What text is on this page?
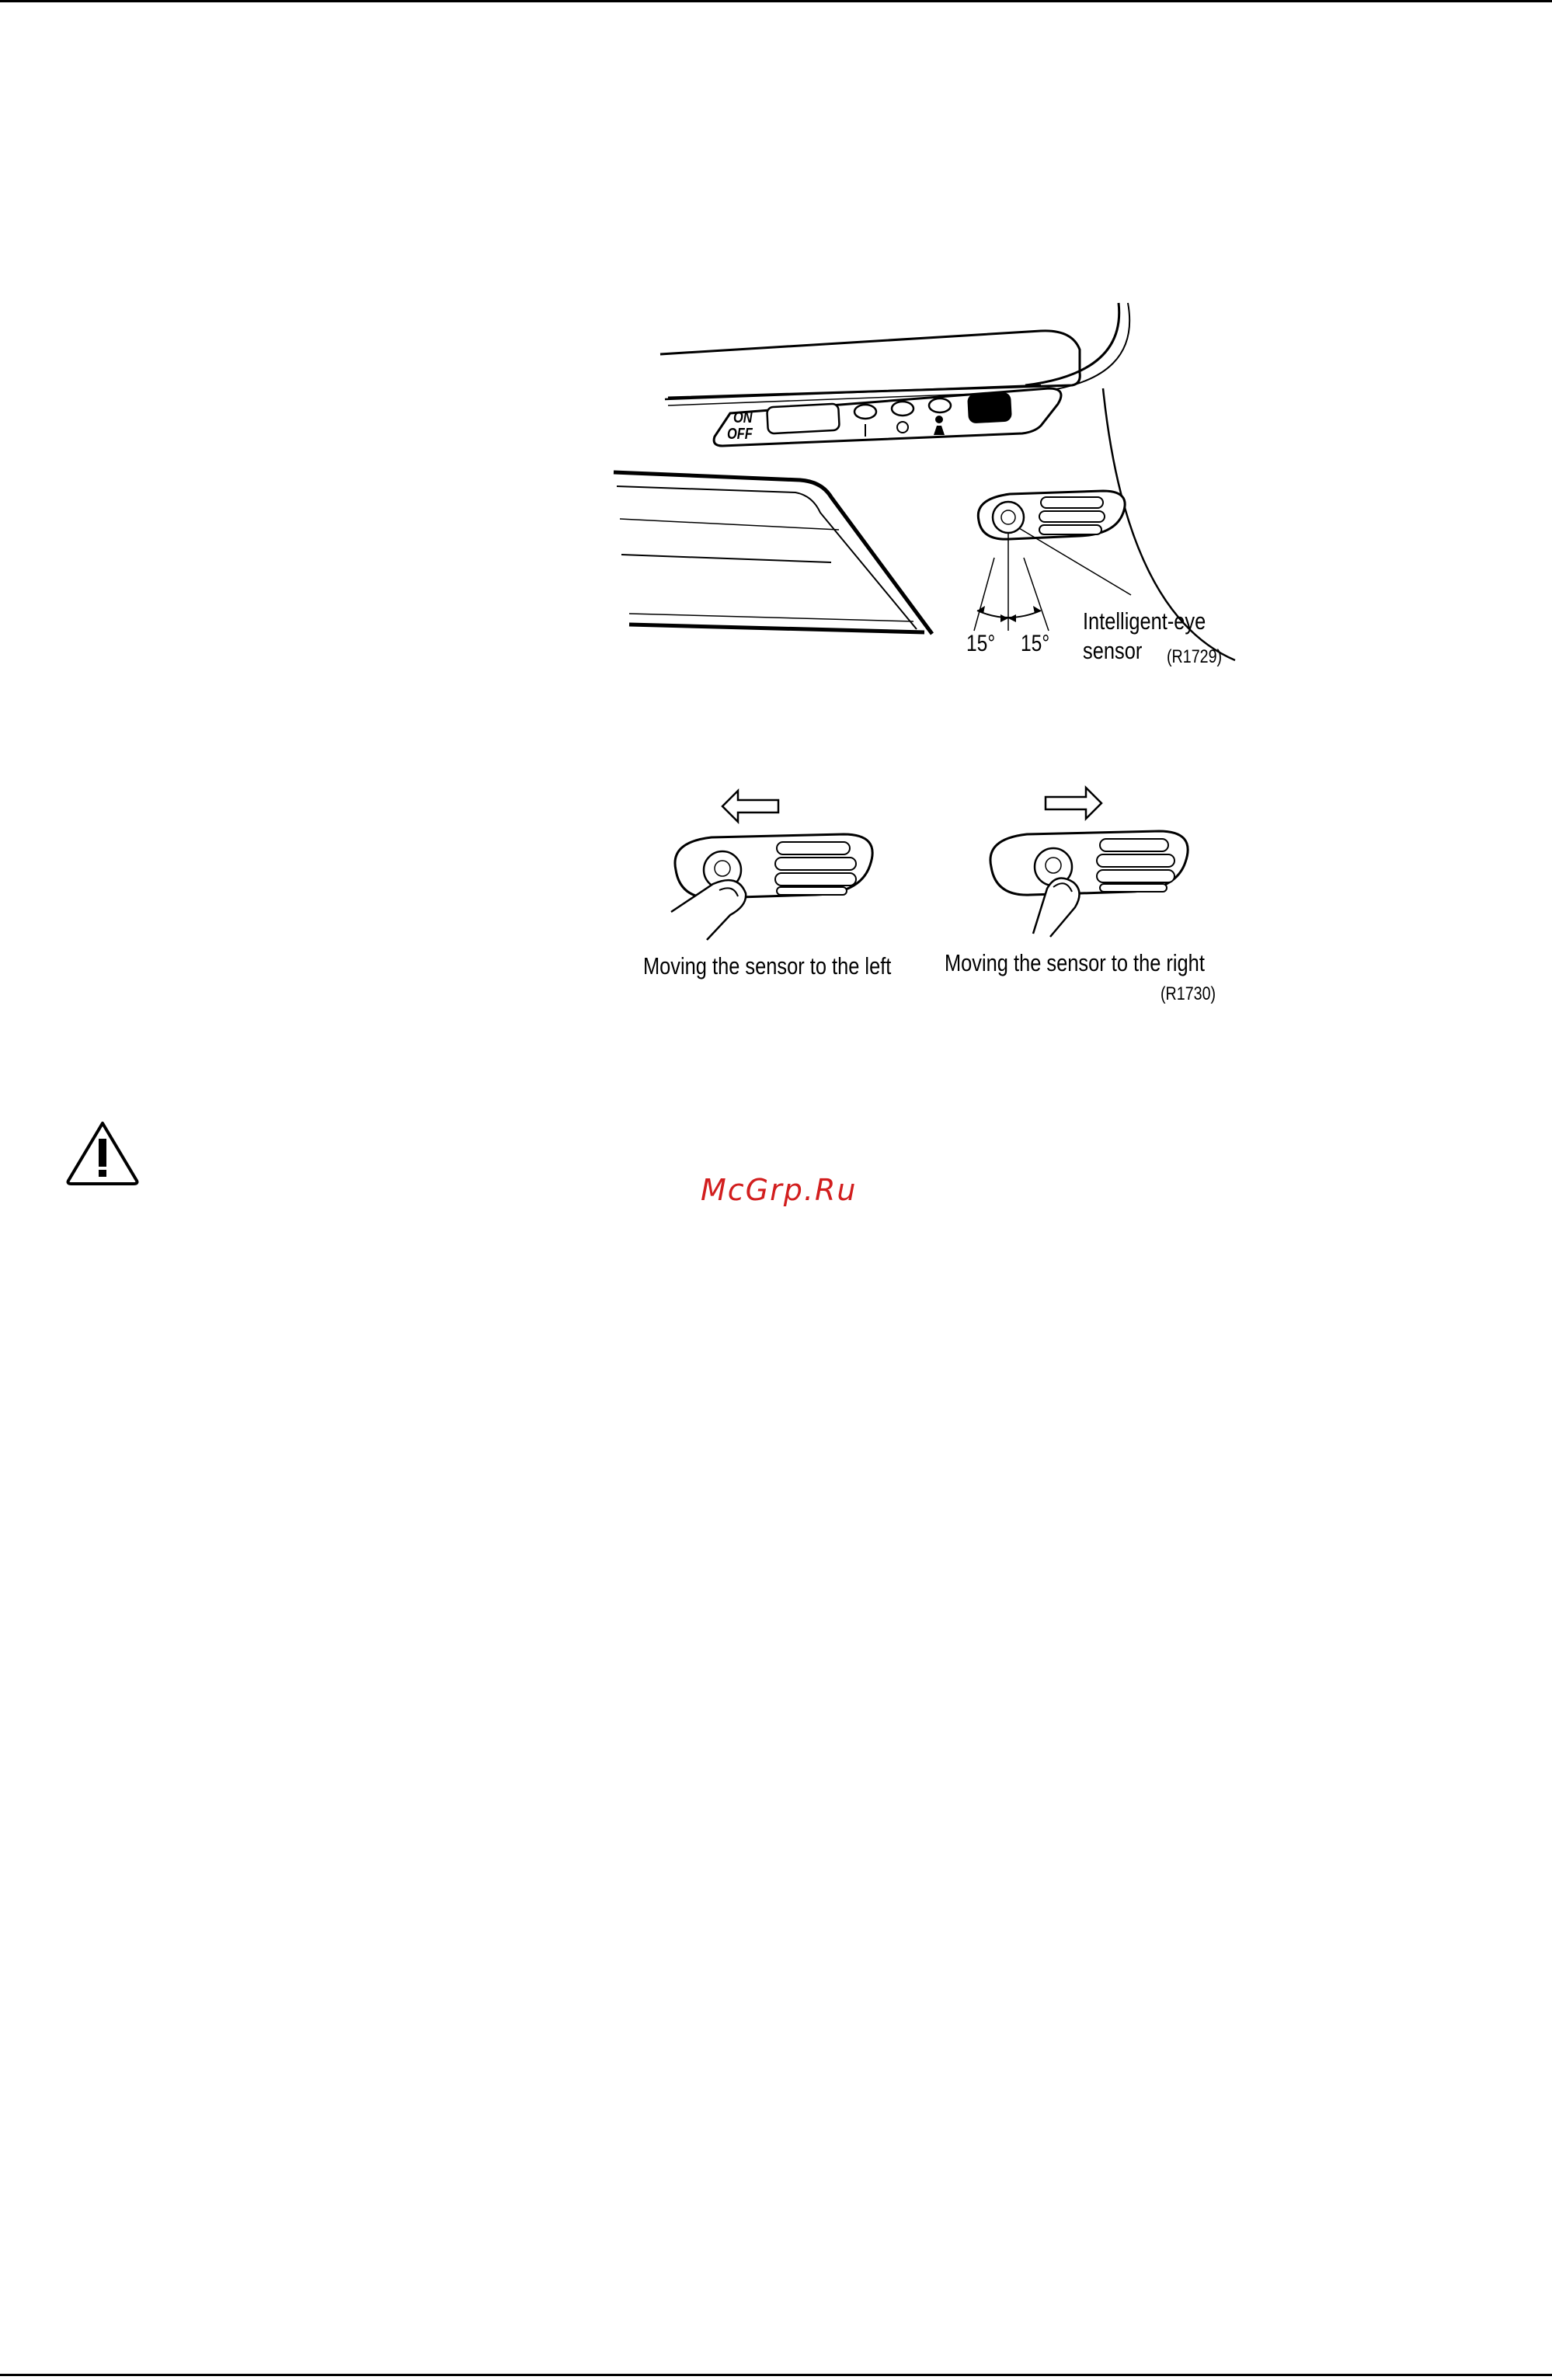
ON
OFF
15° 15°
Intelligent-eye
sensor (R1729)
Moving the sensor to the left Moving the sensor to the right
(R1730)
McGrp.Ru
